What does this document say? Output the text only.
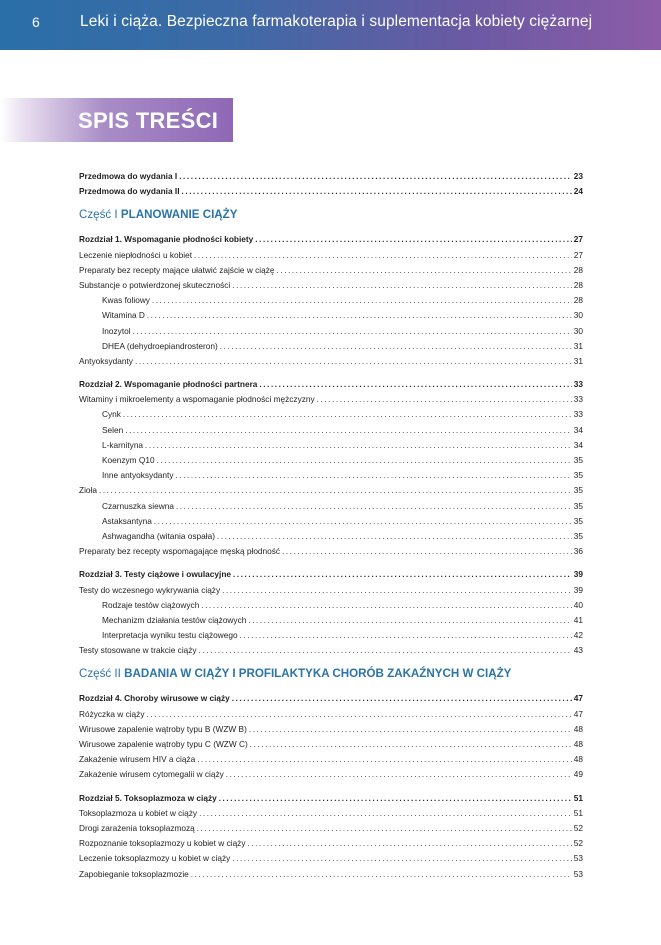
6	Leki i ciąża. Bezpieczna farmakoterapia i suplementacja kobiety ciężarnej
SPIS TREŚCI
Przedmowa do wydania I . . .	23
Przedmowa do wydania II . . .	24
Część I PLANOWANIE CIĄŻY
Rozdział 1. Wspomaganie płodności kobiety . . .	27
Leczenie niepłodności u kobiet . . .	27
Preparaty bez recepty mające ułatwić zajście w ciążę . . .	28
Substancje o potwierdzonej skuteczności . . .	28
Kwas foliowy . . .	28
Witamina D . . .	30
Inozytol . . .	30
DHEA (dehydroepiandrosteron) . . .	31
Antyoksydanty . . .	31
Rozdział 2. Wspomaganie płodności partnera . . .	33
Witaminy i mikroelementy a wspomaganie płodności mężczyzny . . .	33
Cynk . . .	33
Selen . . .	34
L-karnityna . . .	34
Koenzym Q10 . . .	35
Inne antyoksydanty . . .	35
Zioła . . .	35
Czarnuszka siewna . . .	35
Astaksantyna . . .	35
Ashwagandha (witania ospała) . . .	35
Preparaty bez recepty wspomagające męską płodność . . .	36
Rozdział 3. Testy ciążowe i owulacyjne . . .	39
Testy do wczesnego wykrywania ciąży . . .	39
Rodzaje testów ciążowych . . .	40
Mechanizm działania testów ciążowych . . .	41
Interpretacja wyniku testu ciążowego . . .	42
Testy stosowane w trakcie ciąży . . .	43
Część II BADANIA W CIĄŻY I PROFILAKTYKA CHORÓB ZAKAŹNYCH W CIĄŻY
Rozdział 4. Choroby wirusowe w ciąży . . .	47
Różyczka w ciąży . . .	47
Wirusowe zapalenie wątroby typu B (WZW B) . . .	48
Wirusowe zapalenie wątroby typu C (WZW C) . . .	48
Zakażenie wirusem HIV a ciąża . . .	48
Zakażenie wirusem cytomegalii w ciąży . . .	49
Rozdział 5. Toksoplazmoza w ciąży . . .	51
Toksoplazmoza u kobiet w ciąży . . .	51
Drogi zarażenia toksoplazmozą . . .	52
Rozpoznanie toksoplazmozy u kobiet w ciąży . . .	52
Leczenie toksoplazmozy u kobiet w ciąży . . .	53
Zapobieganie toksoplazmozie . . .	53
